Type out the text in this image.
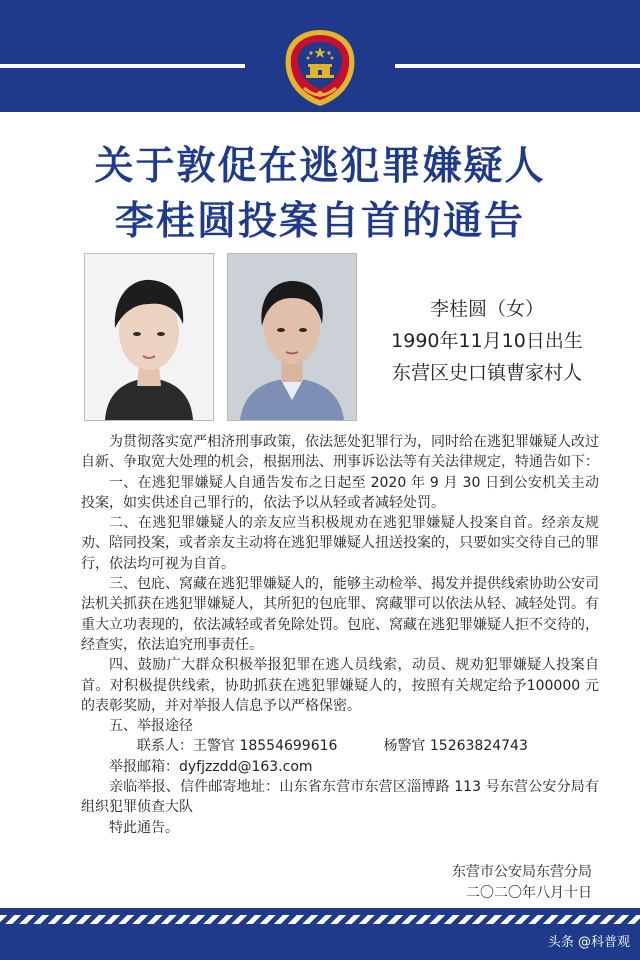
关于敦促在逃犯罪嫌疑人
李桂圆投案自首的通告
李桂圆（女）
1990年11月10日出生
东营区史口镇曹家村人

为贯彻落实宽严相济刑事政策，依法惩处犯罪行为，同时给在逃犯罪嫌疑人改过自新、争取宽大处理的机会，根据刑法、刑事诉讼法等有关法律规定，特通告如下：

一、在逃犯罪嫌疑人自通告发布之日起至 2020 年 9 月 30 日到公安机关主动投案，如实供述自己罪行的，依法予以从轻或者减轻处罚。

二、在逃犯罪嫌疑人的亲友应当积极规劝在逃犯罪嫌疑人投案自首。经亲友规劝、陪同投案，或者亲友主动将在逃犯罪嫌疑人扭送投案的，只要如实交待自己的罪行，依法均可视为自首。

三、包庇、窝藏在逃犯罪嫌疑人的，能够主动检举、揭发并提供线索协助公安司法机关抓获在逃犯罪嫌疑人，其所犯的包庇罪、窝藏罪可以依法从轻、减轻处罚。有重大立功表现的，依法减轻或者免除处罚。包庇、窝藏在逃犯罪嫌疑人拒不交待的，经查实，依法追究刑事责任。

四、鼓励广大群众积极举报犯罪在逃人员线索，动员、规劝犯罪嫌疑人投案自首。对积极提供线索，协助抓获在逃犯罪嫌疑人的，按照有关规定给予100000 元的表彰奖励，并对举报人信息予以严格保密。

五、举报途径

联系人：王警官 18554699616	杨警官 15263824743

举报邮箱：dyfjzzdd@163.com

亲临举报、信件邮寄地址：山东省东营市东营区淄博路 113 号东营公安分局有组织犯罪侦查大队

特此通告。

东营市公安局东营分局
二〇二〇年八月十日
头条 @科普观
